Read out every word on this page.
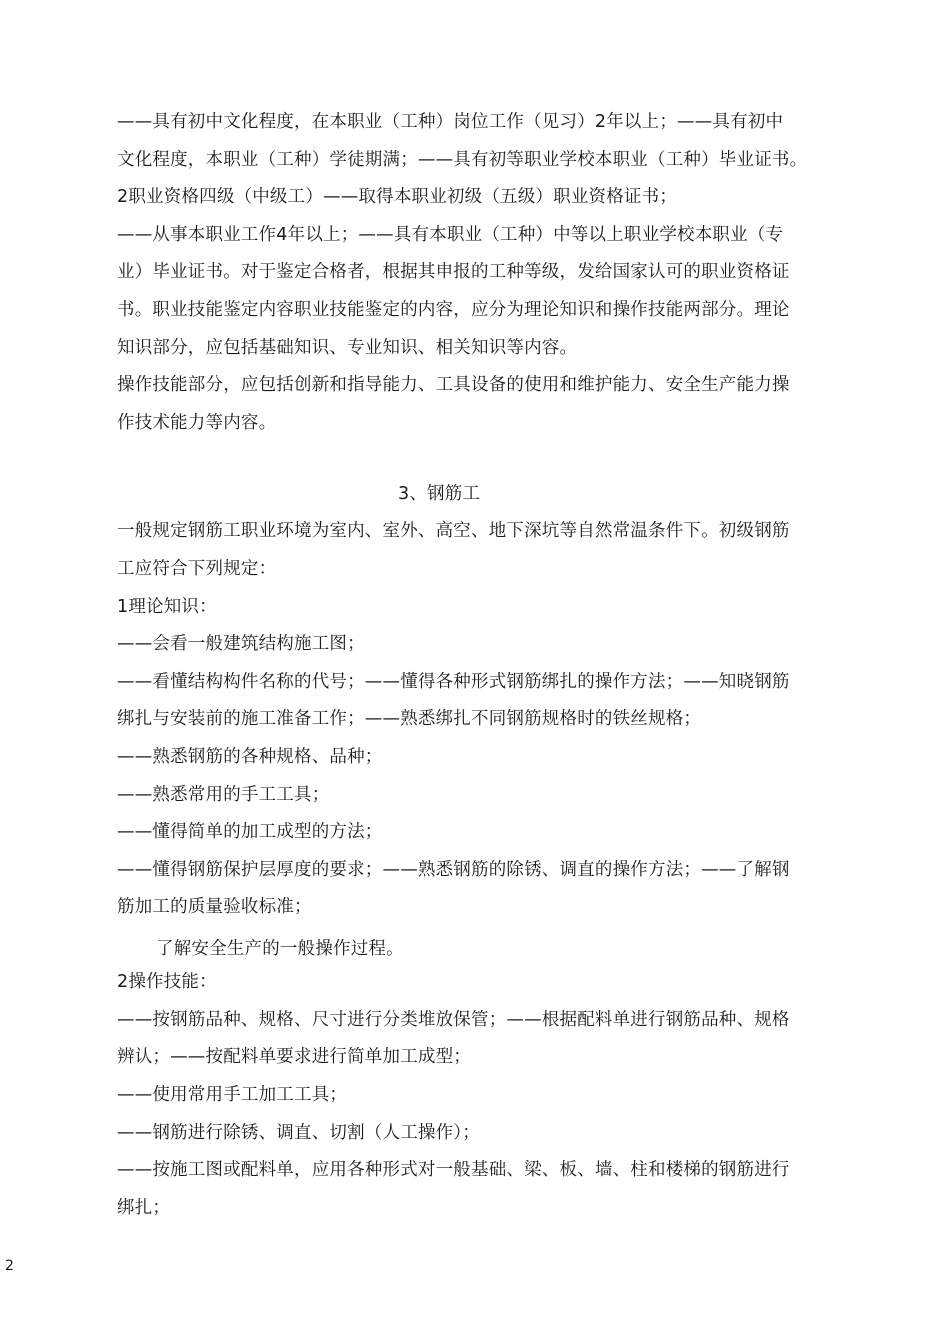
——具有初中文化程度，在本职业（工种）岗位工作（见习）2年以上；——具有初中

文化程度，本职业（工种）学徒期满；——具有初等职业学校本职业（工种）毕业证书。

2职业资格四级（中级工）——取得本职业初级（五级）职业资格证书；

——从事本职业工作4年以上；——具有本职业（工种）中等以上职业学校本职业（专

业）毕业证书。对于鉴定合格者，根据其申报的工种等级，发给国家认可的职业资格证

书。职业技能鉴定内容职业技能鉴定的内容，应分为理论知识和操作技能两部分。理论

知识部分，应包括基础知识、专业知识、相关知识等内容。

操作技能部分，应包括创新和指导能力、工具设备的使用和维护能力、安全生产能力操

作技术能力等内容。

3、钢筋工

一般规定钢筋工职业环境为室内、室外、高空、地下深坑等自然常温条件下。初级钢筋

工应符合下列规定：

1理论知识：

——会看一般建筑结构施工图；

——看懂结构构件名称的代号；——懂得各种形式钢筋绑扎的操作方法；——知晓钢筋

绑扎与安装前的施工准备工作；——熟悉绑扎不同钢筋规格时的铁丝规格；

——熟悉钢筋的各种规格、品种；

——熟悉常用的手工工具；

——懂得简单的加工成型的方法；

——懂得钢筋保护层厚度的要求；——熟悉钢筋的除锈、调直的操作方法；——了解钢

筋加工的质量验收标准；

了解安全生产的一般操作过程。

2操作技能：

——按钢筋品种、规格、尺寸进行分类堆放保管；——根据配料单进行钢筋品种、规格

辨认；——按配料单要求进行简单加工成型；

——使用常用手工加工工具；

——钢筋进行除锈、调直、切割（人工操作）；

——按施工图或配料单，应用各种形式对一般基础、梁、板、墙、柱和楼梯的钢筋进行

绑扎；

2
